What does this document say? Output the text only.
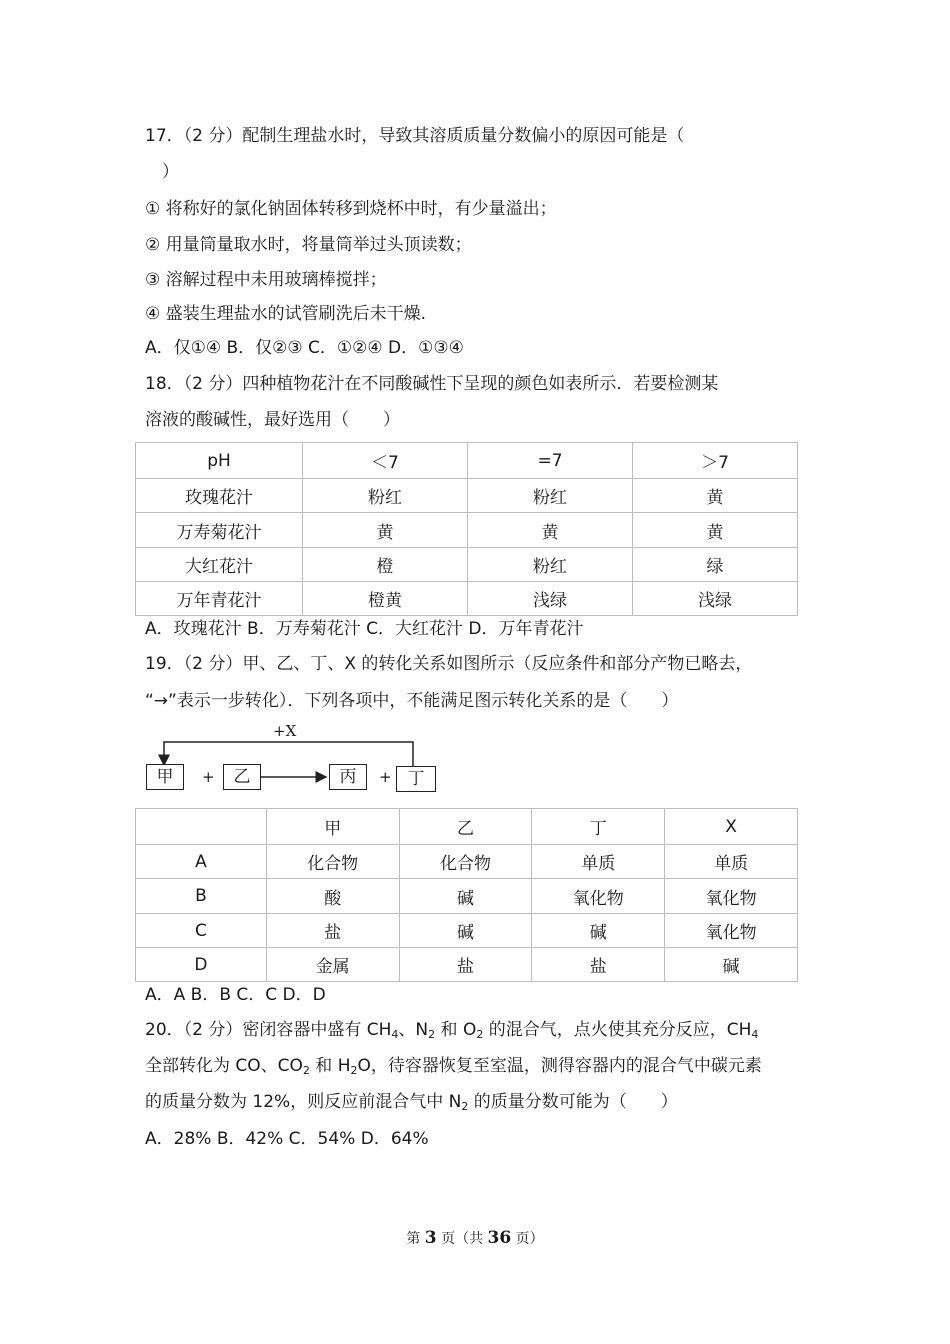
17．（2 分）配制生理盐水时，导致其溶质质量分数偏小的原因可能是（
）
① 将称好的氯化钠固体转移到烧杯中时，有少量溢出；
② 用量筒量取水时，将量筒举过头顶读数；
③ 溶解过程中未用玻璃棒搅拌；
④ 盛装生理盐水的试管刷洗后未干燥.
A．仅①④ B．仅②③ C．①②④ D．①③④
18．（2 分）四种植物花汁在不同酸碱性下呈现的颜色如表所示．若要检测某
溶液的酸碱性，最好选用（　　）
pH	＜7	=7	＞7
玫瑰花汁	粉红	粉红	黄
万寿菊花汁	黄	黄	黄
大红花汁	橙	粉红	绿
万年青花汁	橙黄	浅绿	浅绿
A．玫瑰花汁 B．万寿菊花汁 C．大红花汁 D．万年青花汁
19．（2 分）甲、乙、丁、X 的转化关系如图所示（反应条件和部分产物已略去，
“→”表示一步转化）．下列各项中，不能满足图示转化关系的是（　　）
+X
甲	+	乙	丙	+ 丁
	甲	乙	丁	X
A	化合物	化合物	单质	单质
B	酸	碱	氧化物	氧化物
C	盐	碱	碱	氧化物
D	金属	盐	盐	碱
A．A B．B C．C D．D
20．（2 分）密闭容器中盛有 $CH_4$、$N_2$ 和 $O_2$ 的混合气，点火使其充分反应，$CH_4$
全部转化为 CO、$CO_2$ 和 $H_2O$，待容器恢复至室温，测得容器内的混合气中碳元素
的质量分数为 12%，则反应前混合气中 $N_2$ 的质量分数可能为（　　）
A．28% B．42% C．54% D．64%
第 3 页（共 36 页）
